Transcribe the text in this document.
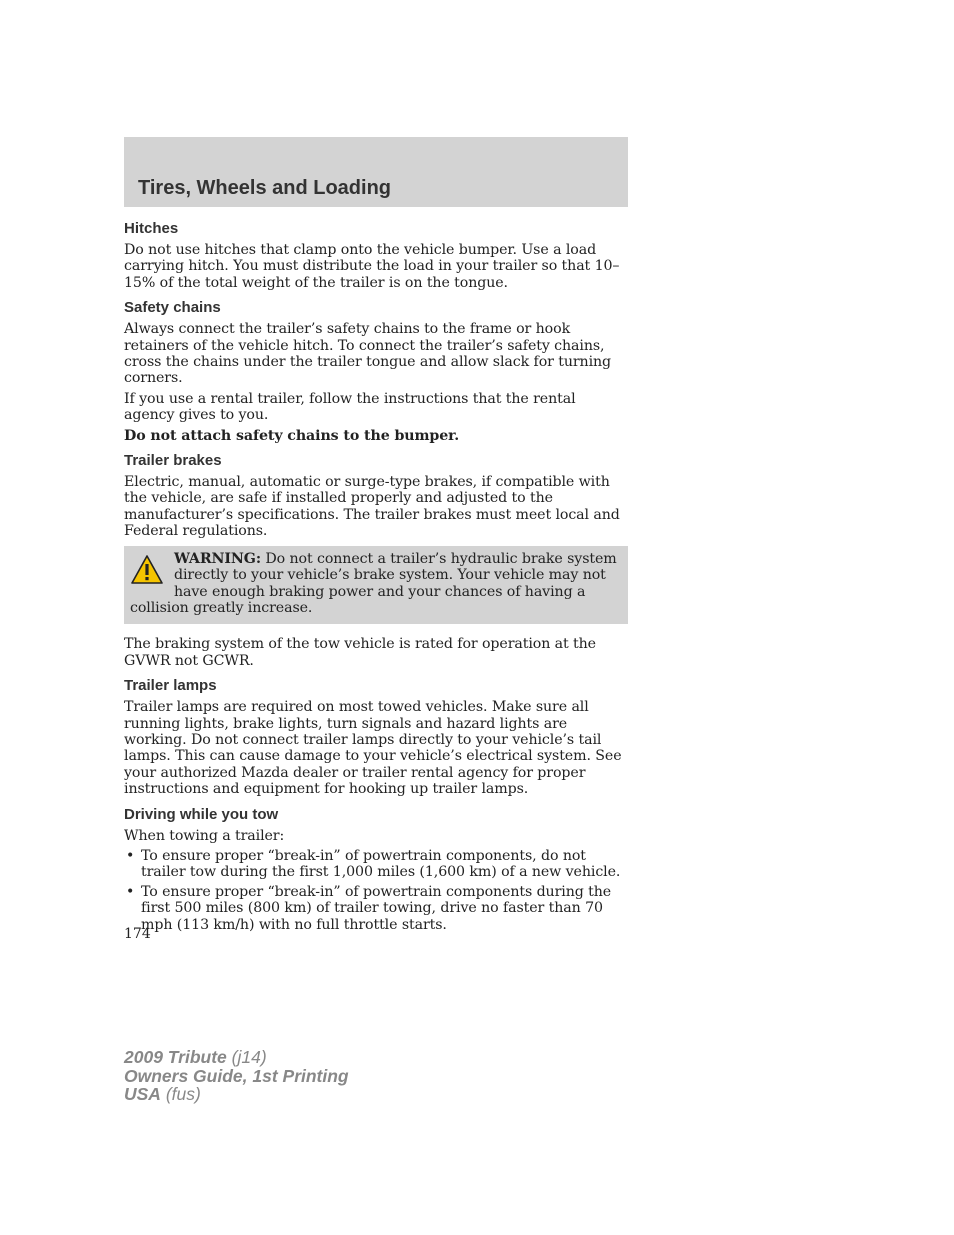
Tires, Wheels and Loading
Hitches

Do not use hitches that clamp onto the vehicle bumper. Use a load carrying hitch. You must distribute the load in your trailer so that 10–15% of the total weight of the trailer is on the tongue.

Safety chains

Always connect the trailer’s safety chains to the frame or hook retainers of the vehicle hitch. To connect the trailer’s safety chains, cross the chains under the trailer tongue and allow slack for turning corners.

If you use a rental trailer, follow the instructions that the rental agency gives to you.

Do not attach safety chains to the bumper.

Trailer brakes

Electric, manual, automatic or surge-type brakes, if compatible with the vehicle, are safe if installed properly and adjusted to the manufacturer’s specifications. The trailer brakes must meet local and Federal regulations.

WARNING: Do not connect a trailer’s hydraulic brake system directly to your vehicle’s brake system. Your vehicle may not have enough braking power and your chances of having a collision greatly increase.

The braking system of the tow vehicle is rated for operation at the GVWR not GCWR.

Trailer lamps

Trailer lamps are required on most towed vehicles. Make sure all running lights, brake lights, turn signals and hazard lights are working. Do not connect trailer lamps directly to your vehicle’s tail lamps. This can cause damage to your vehicle’s electrical system. See your authorized Mazda dealer or trailer rental agency for proper instructions and equipment for hooking up trailer lamps.

Driving while you tow

When towing a trailer:

• To ensure proper “break-in” of powertrain components, do not trailer tow during the first 1,000 miles (1,600 km) of a new vehicle.
• To ensure proper “break-in” of powertrain components during the first 500 miles (800 km) of trailer towing, drive no faster than 70 mph (113 km/h) with no full throttle starts.
174
2009 Tribute (j14)
Owners Guide, 1st Printing
USA (fus)
